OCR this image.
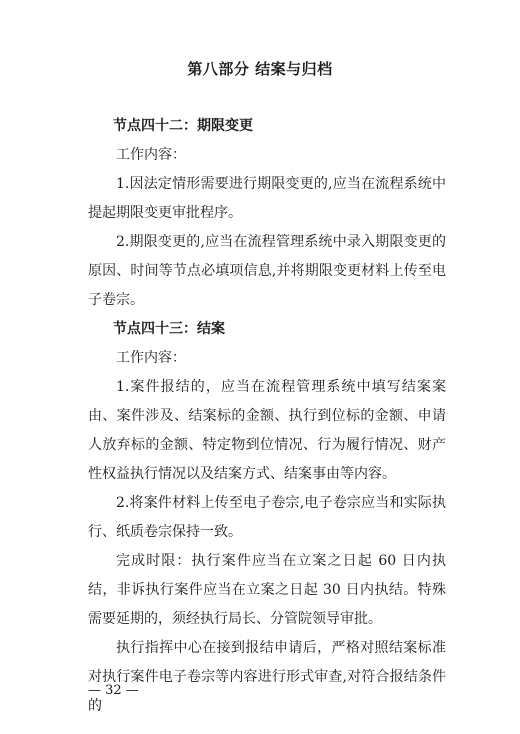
第八部分 结案与归档

节点四十二：期限变更

工作内容：

1.因法定情形需要进行期限变更的,应当在流程系统中提起期限变更审批程序。

2.期限变更的,应当在流程管理系统中录入期限变更的原因、时间等节点必填项信息,并将期限变更材料上传至电子卷宗。

节点四十三：结案

工作内容：

1.案件报结的，应当在流程管理系统中填写结案案由、案件涉及、结案标的金额、执行到位标的金额、申请人放弃标的金额、特定物到位情况、行为履行情况、财产性权益执行情况以及结案方式、结案事由等内容。

2.将案件材料上传至电子卷宗,电子卷宗应当和实际执行、纸质卷宗保持一致。

完成时限：执行案件应当在立案之日起 60 日内执结，非诉执行案件应当在立案之日起 30 日内执结。特殊需要延期的，须经执行局长、分管院领导审批。

执行指挥中心在接到报结申请后，严格对照结案标准对执行案件电子卷宗等内容进行形式审查,对符合报结条件的

— 32 —
